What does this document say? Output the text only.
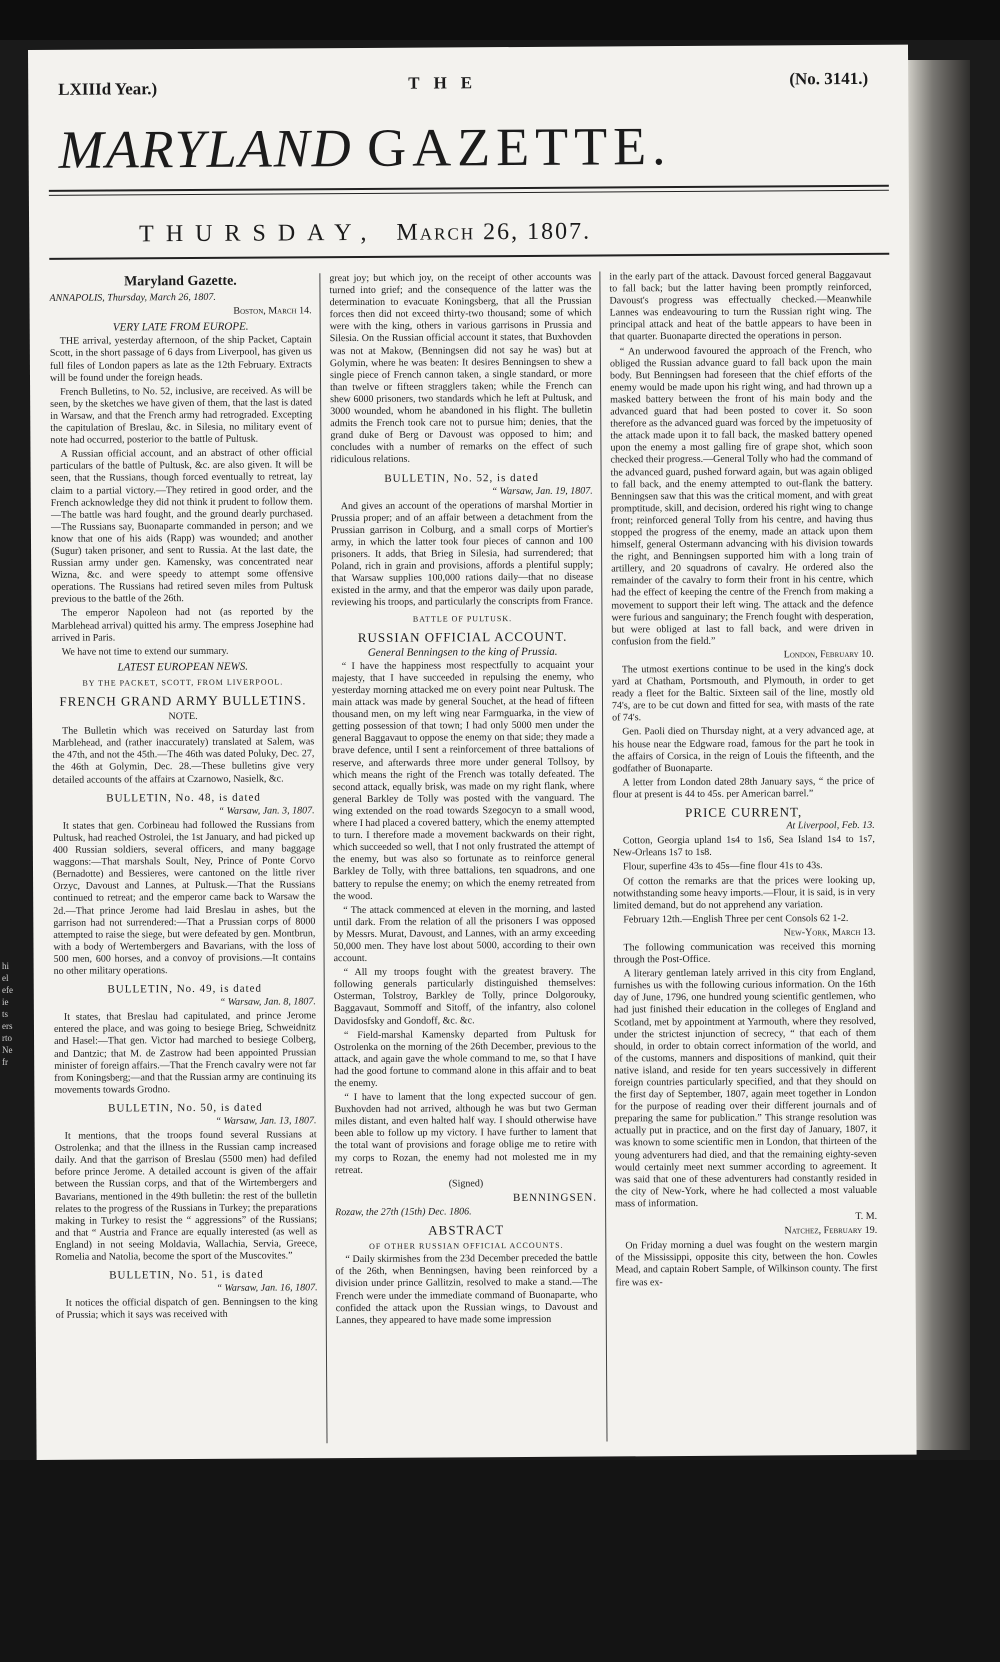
LXIIId Year.)	THE	(No. 3141.)
MARYLAND GAZETTE.
THURSDAY, March 26, 1807.

Maryland Gazette.

ANNAPOLIS, Thursday, March 26, 1807.

Boston, March 14.

VERY LATE FROM EUROPE.

THE arrival, yesterday afternoon, of the ship Packet, Captain Scott, in the short passage of 6 days from Liverpool, has given us full files of London papers as late as the 12th February. Extracts will be found under the foreign heads.

French Bulletins, to No. 52, inclusive, are received. As will be seen, by the sketches we have given of them, that the last is dated in Warsaw, and that the French army had retrograded. Excepting the capitulation of Breslau, &c. in Silesia, no military event of note had occurred, posterior to the battle of Pultusk.

A Russian official account, and an abstract of other official particulars of the battle of Pultusk, &c. are also given. It will be seen, that the Russians, though forced eventually to retreat, lay claim to a partial victory.—They retired in good order, and the French acknowledge they did not think it prudent to follow them.—The battle was hard fought, and the ground dearly purchased.—The Russians say, Buonaparte commanded in person; and we know that one of his aids (Rapp) was wounded; and another (Sugur) taken prisoner, and sent to Russia. At the last date, the Russian army under gen. Kamensky, was concentrated near Wizna, &c. and were speedy to attempt some offensive operations. The Russians had retired seven miles from Pultusk previous to the battle of the 26th.

The emperor Napoleon had not (as reported by the Marblehead arrival) quitted his army. The empress Josephine had arrived in Paris.

We have not time to extend our summary.

LATEST EUROPEAN NEWS.

BY THE PACKET, SCOTT, FROM LIVERPOOL.

FRENCH GRAND ARMY BULLETINS.

NOTE.

The Bulletin which was received on Saturday last from Marblehead, and (rather inaccurately) translated at Salem, was the 47th, and not the 45th.—The 46th was dated Poluky, Dec. 27, the 46th at Golymin, Dec. 28.—These bulletins give very detailed accounts of the affairs at Czarnowo, Nasielk, &c.

BULLETIN, No. 48, is dated

“ Warsaw, Jan. 3, 1807.

It states that gen. Corbineau had followed the Russians from Pultusk, had reached Ostrolei, the 1st January, and had picked up 400 Russian soldiers, several officers, and many baggage waggons:—That marshals Soult, Ney, Prince of Ponte Corvo (Bernadotte) and Bessieres, were cantoned on the little river Orzyc, Davoust and Lannes, at Pultusk.—That the Russians continued to retreat; and the emperor came back to Warsaw the 2d.—That prince Jerome had laid Breslau in ashes, but the garrison had not surrendered:—That a Prussian corps of 8000 attempted to raise the siege, but were defeated by gen. Montbrun, with a body of Wertembergers and Bavarians, with the loss of 500 men, 600 horses, and a convoy of provisions.—It contains no other military operations.

BULLETIN, No. 49, is dated

“ Warsaw, Jan. 8, 1807.

It states, that Breslau had capitulated, and prince Jerome entered the place, and was going to besiege Brieg, Schweidnitz and Hasel:—That gen. Victor had marched to besiege Colberg, and Dantzic; that M. de Zastrow had been appointed Prussian minister of foreign affairs.—That the French cavalry were not far from Koningsberg;—and that the Russian army are continuing its movements towards Grodno.

BULLETIN, No. 50, is dated

“ Warsaw, Jan. 13, 1807.

It mentions, that the troops found several Russians at Ostrolenka; and that the illness in the Russian camp increased daily. And that the garrison of Breslau (5500 men) had defiled before prince Jerome. A detailed account is given of the affair between the Russian corps, and that of the Wirtembergers and Bavarians, mentioned in the 49th bulletin: the rest of the bulletin relates to the progress of the Russians in Turkey; the preparations making in Turkey to resist the “ aggressions” of the Russians; and that “ Austria and France are equally interested (as well as England) in not seeing Moldavia, Wallachia, Servia, Greece, Romelia and Natolia, become the sport of the Muscovites.”

BULLETIN, No. 51, is dated

“ Warsaw, Jan. 16, 1807.

It notices the official dispatch of gen. Benningsen to the king of Prussia; which it says was received with

great joy; but which joy, on the receipt of other accounts was turned into grief; and the consequence of the latter was the determination to evacuate Koningsberg, that all the Prussian forces then did not exceed thirty-two thousand; some of which were with the king, others in various garrisons in Prussia and Silesia. On the Russian official account it states, that Buxhovden was not at Makow, (Benningsen did not say he was) but at Golymin, where he was beaten: It desires Benningsen to shew a single piece of French cannon taken, a single standard, or more than twelve or fifteen stragglers taken; while the French can shew 6000 prisoners, two standards which he left at Pultusk, and 3000 wounded, whom he abandoned in his flight. The bulletin admits the French took care not to pursue him; denies, that the grand duke of Berg or Davoust was opposed to him; and concludes with a number of remarks on the effect of such ridiculous relations.

BULLETIN, No. 52, is dated

“ Warsaw, Jan. 19, 1807.

And gives an account of the operations of marshal Mortier in Prussia proper; and of an affair between a detachment from the Prussian garrison in Colburg, and a small corps of Mortier's army, in which the latter took four pieces of cannon and 100 prisoners. It adds, that Brieg in Silesia, had surrendered; that Poland, rich in grain and provisions, affords a plentiful supply; that Warsaw supplies 100,000 rations daily—that no disease existed in the army, and that the emperor was daily upon parade, reviewing his troops, and particularly the conscripts from France.

BATTLE OF PULTUSK.

RUSSIAN OFFICIAL ACCOUNT.

General Benningsen to the king of Prussia.

“ I have the happiness most respectfully to acquaint your majesty, that I have succeeded in repulsing the enemy, who yesterday morning attacked me on every point near Pultusk. The main attack was made by general Souchet, at the head of fifteen thousand men, on my left wing near Farmguarka, in the view of getting possession of that town; I had only 5000 men under the general Baggavaut to oppose the enemy on that side; they made a brave defence, until I sent a reinforcement of three battalions of reserve, and afterwards three more under general Tollsoy, by which means the right of the French was totally defeated. The second attack, equally brisk, was made on my right flank, where general Barkley de Tolly was posted with the vanguard. The wing extended on the road towards Szegocyn to a small wood, where I had placed a covered battery, which the enemy attempted to turn. I therefore made a movement backwards on their right, which succeeded so well, that I not only frustrated the attempt of the enemy, but was also so fortunate as to reinforce general Barkley de Tolly, with three battalions, ten squadrons, and one battery to repulse the enemy; on which the enemy retreated from the wood.

“ The attack commenced at eleven in the morning, and lasted until dark. From the relation of all the prisoners I was opposed by Messrs. Murat, Davoust, and Lannes, with an army exceeding 50,000 men. They have lost about 5000, according to their own account.

“ All my troops fought with the greatest bravery. The following generals particularly distinguished themselves: Osterman, Tolstroy, Barkley de Tolly, prince Dolgorouky, Baggavaut, Sommoff and Sitoff, of the infantry, also colonel Davidosfsky and Gondoff, &c. &c.

“ Field-marshal Kamensky departed from Pultusk for Ostrolenka on the morning of the 26th December, previous to the attack, and again gave the whole command to me, so that I have had the good fortune to command alone in this affair and to beat the enemy.

“ I have to lament that the long expected succour of gen. Buxhovden had not arrived, although he was but two German miles distant, and even halted half way. I should otherwise have been able to follow up my victory. I have further to lament that the total want of provisions and forage oblige me to retire with my corps to Rozan, the enemy had not molested me in my retreat.

(Signed)

BENNINGSEN.

Rozaw, the 27th (15th) Dec. 1806.

ABSTRACT

OF OTHER RUSSIAN OFFICIAL ACCOUNTS.

“ Daily skirmishes from the 23d December preceded the battle of the 26th, when Benningsen, having been reinforced by a division under prince Gallitzin, resolved to make a stand.—The French were under the immediate command of Buonaparte, who confided the attack upon the Russian wings, to Davoust and Lannes, they appeared to have made some impression

in the early part of the attack. Davoust forced general Baggavaut to fall back; but the latter having been promptly reinforced, Davoust's progress was effectually checked.—Meanwhile Lannes was endeavouring to turn the Russian right wing. The principal attack and heat of the battle appears to have been in that quarter. Buonaparte directed the operations in person.

“ An underwood favoured the approach of the French, who obliged the Russian advance guard to fall back upon the main body. But Benningsen had foreseen that the chief efforts of the enemy would be made upon his right wing, and had thrown up a masked battery between the front of his main body and the advanced guard that had been posted to cover it. So soon therefore as the advanced guard was forced by the impetuosity of the attack made upon it to fall back, the masked battery opened upon the enemy a most galling fire of grape shot, which soon checked their progress.—General Tolly who had the command of the advanced guard, pushed forward again, but was again obliged to fall back, and the enemy attempted to out-flank the battery. Benningsen saw that this was the critical moment, and with great promptitude, skill, and decision, ordered his right wing to change front; reinforced general Tolly from his centre, and having thus stopped the progress of the enemy, made an attack upon them himself, general Ostermann advancing with his division towards the right, and Benningsen supported him with a long train of artillery, and 20 squadrons of cavalry. He ordered also the remainder of the cavalry to form their front in his centre, which had the effect of keeping the centre of the French from making a movement to support their left wing. The attack and the defence were furious and sanguinary; the French fought with desperation, but were obliged at last to fall back, and were driven in confusion from the field.”

London, February 10.

The utmost exertions continue to be used in the king's dock yard at Chatham, Portsmouth, and Plymouth, in order to get ready a fleet for the Baltic. Sixteen sail of the line, mostly old 74's, are to be cut down and fitted for sea, with masts of the rate of 74's.

Gen. Paoli died on Thursday night, at a very advanced age, at his house near the Edgware road, famous for the part he took in the affairs of Corsica, in the reign of Louis the fifteenth, and the godfather of Buonaparte.

A letter from London dated 28th January says, “ the price of flour at present is 44 to 45s. per American barrel.”

PRICE CURRENT,

At Liverpool, Feb. 13.

Cotton, Georgia upland 1s4 to 1s6, Sea Island 1s4 to 1s7, New-Orleans 1s7 to 1s8.

Flour, superfine 43s to 45s—fine flour 41s to 43s.

Of cotton the remarks are that the prices were looking up, notwithstanding some heavy imports.—Flour, it is said, is in very limited demand, but do not apprehend any variation.

February 12th.—English Three per cent Consols 62 1-2.

New-York, March 13.

The following communication was received this morning through the Post-Office.

A literary gentleman lately arrived in this city from England, furnishes us with the following curious information. On the 16th day of June, 1796, one hundred young scientific gentlemen, who had just finished their education in the colleges of England and Scotland, met by appointment at Yarmouth, where they resolved, under the strictest injunction of secrecy, “ that each of them should, in order to obtain correct information of the world, and of the customs, manners and dispositions of mankind, quit their native island, and reside for ten years successively in different foreign countries particularly specified, and that they should on the first day of September, 1807, again meet together in London for the purpose of reading over their different journals and of preparing the same for publication.” This strange resolution was actually put in practice, and on the first day of January, 1807, it was known to some scientific men in London, that thirteen of the young adventurers had died, and that the remaining eighty-seven would certainly meet next summer according to agreement. It was said that one of these adventurers had constantly resided in the city of New-York, where he had collected a most valuable mass of information.

T. M.

Natchez, February 19.

On Friday morning a duel was fought on the western margin of the Mississippi, opposite this city, between the hon. Cowles Mead, and captain Robert Sample, of Wilkinson county. The first fire was ex-

hi
el
efe
ie
ts
ers
rto
Ne
fr
